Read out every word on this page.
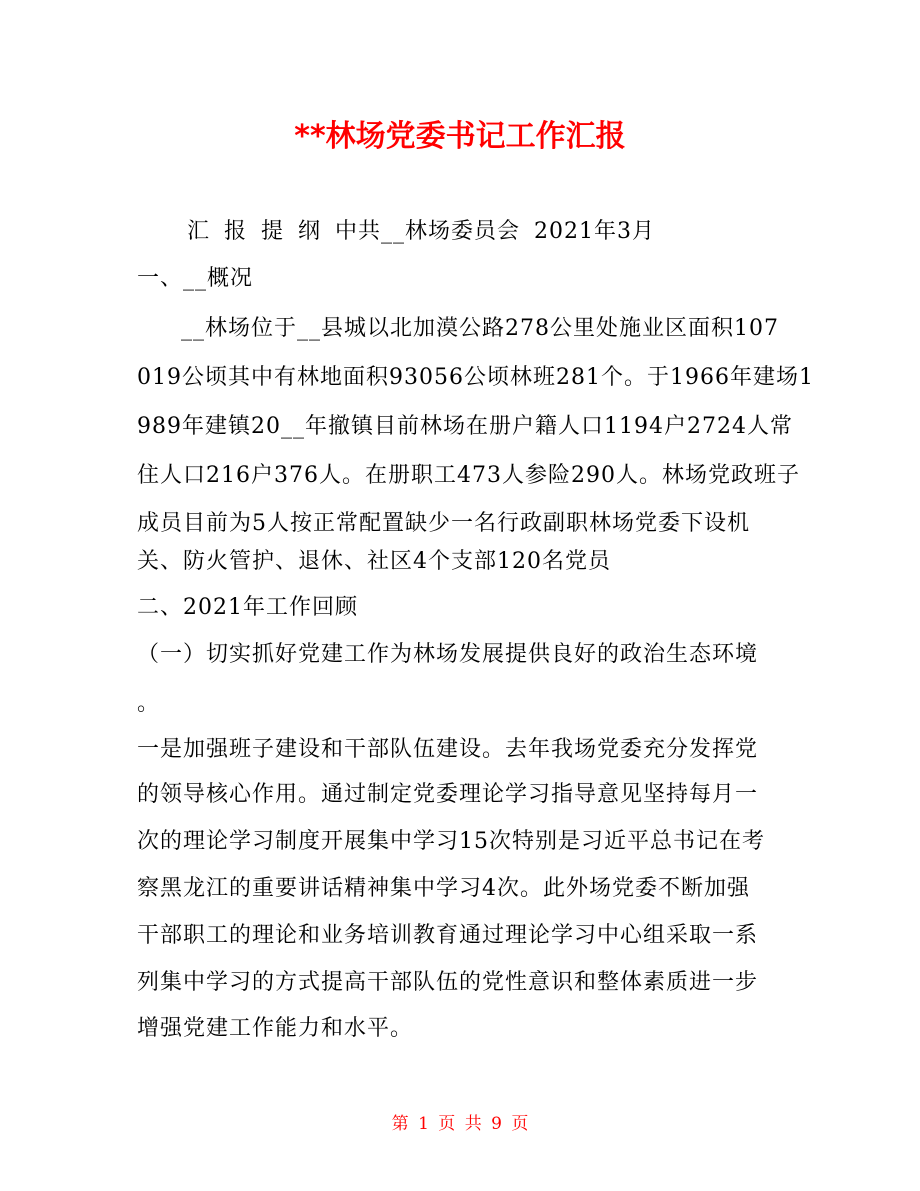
**林场党委书记工作汇报
汇 报 提 纲 中共__林场委员会 2021年3月
一、__概况
__林场位于__县城以北加漠公路278公里处施业区面积107
019公顷其中有林地面积93056公顷林班281个。于1966年建场1
989年建镇20__年撤镇目前林场在册户籍人口1194户2724人常
住人口216户376人。在册职工473人参险290人。林场党政班子
成员目前为5人按正常配置缺少一名行政副职林场党委下设机
关、防火管护、退休、社区4个支部120名党员
二、2021年工作回顾
（一）切实抓好党建工作为林场发展提供良好的政治生态环境
。
一是加强班子建设和干部队伍建设。去年我场党委充分发挥党
的领导核心作用。通过制定党委理论学习指导意见坚持每月一
次的理论学习制度开展集中学习15次特别是习近平总书记在考
察黑龙江的重要讲话精神集中学习4次。此外场党委不断加强
干部职工的理论和业务培训教育通过理论学习中心组采取一系
列集中学习的方式提高干部队伍的党性意识和整体素质进一步
增强党建工作能力和水平。
第 1 页 共 9 页
